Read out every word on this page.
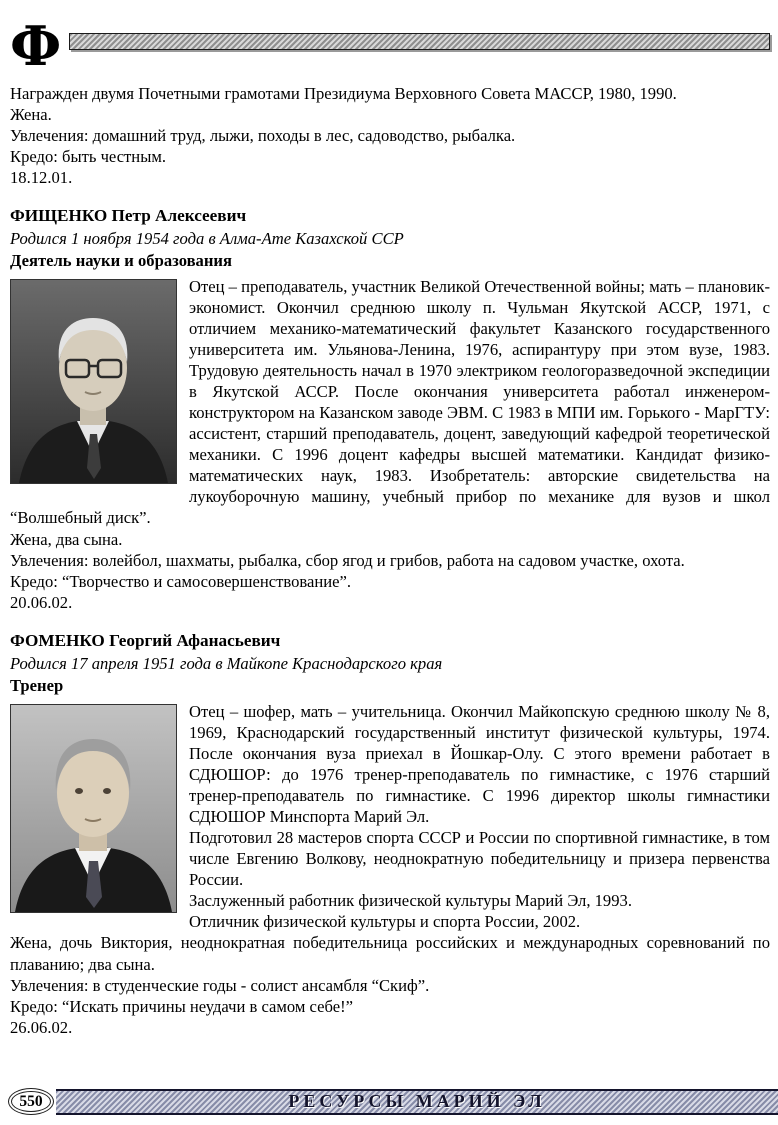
Ф
Награжден двумя Почетными грамотами Президиума Верховного Совета МАССР, 1980, 1990.
Жена.
Увлечения: домашний труд, лыжи, походы в лес, садоводство, рыбалка.
Кредо: быть честным.
18.12.01.
ФИЩЕНКО Петр Алексеевич
Родился 1 ноября 1954 года в Алма-Ате Казахской ССР
Деятель науки и образования

Отец – преподаватель, участник Великой Отечественной войны; мать – плановик-экономист. Окончил среднюю школу п. Чульман Якутской АССР, 1971, с отличием механико-математический факультет Казанского государственного университета им. Ульянова-Ленина, 1976, аспирантуру при этом вузе, 1983. Трудовую деятельность начал в 1970 электриком геологоразведочной экспедиции в Якутской АССР. После окончания университета работал инженером-конструктором на Казанском заводе ЭВМ. С 1983 в МПИ им. Горького - МарГТУ: ассистент, старший преподаватель, доцент, заведующий кафедрой теоретической механики. С 1996 доцент кафедры высшей математики. Кандидат физико-математических наук, 1983. Изобретатель: авторские свидетельства на лукоуборочную машину, учебный прибор по механике для вузов и школ “Волшебный диск”.

Жена, два сына.
Увлечения: волейбол, шахматы, рыбалка, сбор ягод и грибов, работа на садовом участке, охота.
Кредо: “Творчество и самосовершенствование”.
20.06.02.
ФОМЕНКО Георгий Афанасьевич
Родился 17 апреля 1951 года в Майкопе Краснодарского края
Тренер

Отец – шофер, мать – учительница. Окончил Майкопскую среднюю школу № 8, 1969, Краснодарский государственный институт физической культуры, 1974. После окончания вуза приехал в Йошкар-Олу. С этого времени работает в СДЮШОР: до 1976 тренер-преподаватель по гимнастике, с 1976 старший тренер-преподаватель по гимнастике. С 1996 директор школы гимнастики СДЮШОР Минспорта Марий Эл.

Подготовил 28 мастеров спорта СССР и России по спортивной гимнастике, в том числе Евгению Волкову, неоднократную победительницу и призера первенства России.

Заслуженный работник физической культуры Марий Эл, 1993.

Отличник физической культуры и спорта России, 2002.
Жена, дочь Виктория, неоднократная победительница российских и международных соревнований по плаванию; два сына.
Увлечения: в студенческие годы - солист ансамбля “Скиф”.
Кредо: “Искать причины неудачи в самом себе!”
26.06.02.
550	РЕСУРСЫ МАРИЙ ЭЛ
